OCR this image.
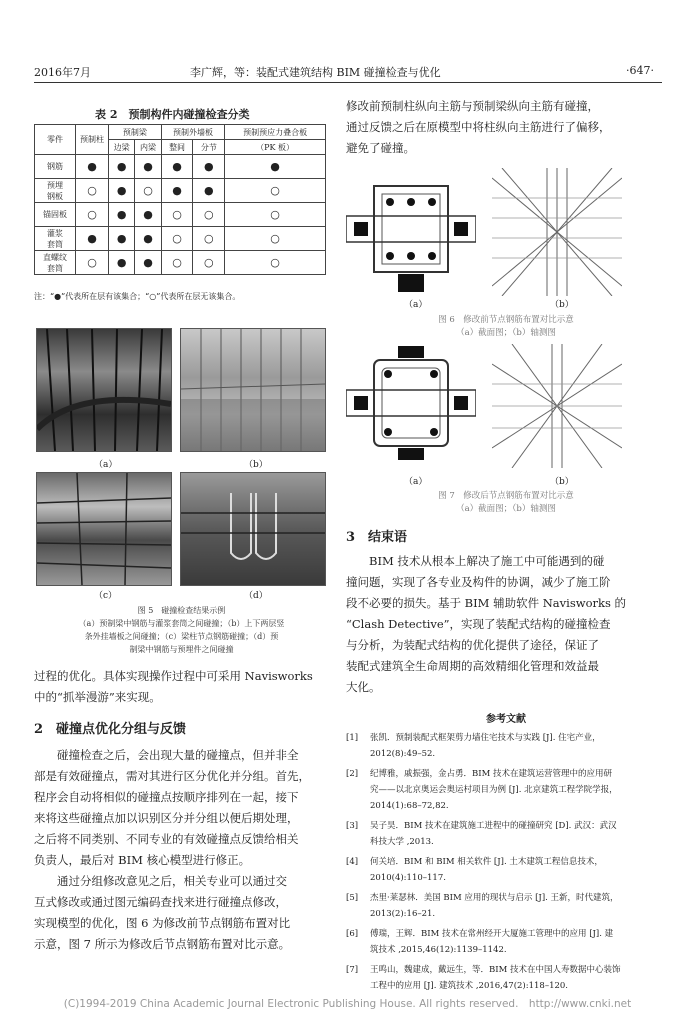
2016年7月	李广辉，等：装配式建筑结构 BIM 碰撞检查与优化	·647·
表 2　预制构件内碰撞检查分类
零件	预制柱	预制梁		预制外墙板		预制预应力叠合板
		边梁	内梁	整间	分节	（PK 板）
钢筋	●	●	●	●	●	●
预埋
钢板	○	●	○	●	●	○
锚固板	○	●	●	○	○	○
灌浆
套筒	●	●	●	○	○	○
直螺纹
套筒	○	●	●	○	○	○
注：“●”代表所在层有该集合；“○”代表所在层无该集合。
（a）	（b）
（c）	（d）
图 5　碰撞检查结果示例
（a）预制梁中钢筋与灌浆套筒之间碰撞；（b）上下两层竖
条外挂墙板之间碰撞；（c）梁柱节点钢筋碰撞；（d）预
制梁中钢筋与预埋件之间碰撞
过程的优化。具体实现操作过程中可采用 Navisworks
中的“抓举漫游”来实现。
2　碰撞点优化分组与反馈
　　碰撞检查之后，会出现大量的碰撞点，但并非全
部是有效碰撞点，需对其进行区分优化并分组。首先，
程序会自动将相似的碰撞点按顺序排列在一起，接下
来将这些碰撞点加以识别区分并分组以便后期处理，
之后将不同类别、不同专业的有效碰撞点反馈给相关
负责人，最后对 BIM 核心模型进行修正。
　　通过分组修改意见之后，相关专业可以通过交
互式修改或通过图元编码查找来进行碰撞点修改，
实现模型的优化，图 6 为修改前节点钢筋布置对比
示意，图 7 所示为修改后节点钢筋布置对比示意。
修改前预制柱纵向主筋与预制梁纵向主筋有碰撞，
通过反馈之后在原模型中将柱纵向主筋进行了偏移，
避免了碰撞。
（a）	（b）
图 6　修改前节点钢筋布置对比示意
（a）截面图；（b）轴测图
（a）	（b）
图 7　修改后节点钢筋布置对比示意
（a）截面图；（b）轴测图
3　结束语
　　BIM 技术从根本上解决了施工中可能遇到的碰
撞问题，实现了各专业及构件的协调，减少了施工阶
段不必要的损失。基于 BIM 辅助软件 Navisworks 的
“Clash Detective”，实现了装配式结构的碰撞检查
与分析，为装配式结构的优化提供了途径，保证了
装配式建筑全生命周期的高效精细化管理和效益最
大化。
参考文献
[1] 张凯．预制装配式框架剪力墙住宅技术与实践 [J]. 住宅产业，
2012(8):49–52.
[2] 纪博雅，戚振强，金占勇．BIM 技术在建筑运营管理中的应用研
究——以北京奥运会奥运村项目为例 [J]. 北京建筑工程学院学报，
2014(1):68–72,82.
[3] 吴子昊．BIM 技术在建筑施工进程中的碰撞研究 [D]. 武汉：武汉
科技大学 ,2013.
[4] 何关培．BIM 和 BIM 相关软件 [J]. 土木建筑工程信息技术，
2010(4):110–117.
[5] 杰里·莱瑟林．美国 BIM 应用的现状与启示 [J]. 王新，时代建筑，
2013(2):16–21.
[6] 傅瑞，王辉．BIM 技术在常州经开大厦施工管理中的应用 [J]. 建
筑技术 ,2015,46(12):1139–1142.
[7] 王鸣山，魏建成，戴远生，等．BIM 技术在中国人寿数据中心装饰
工程中的应用 [J]. 建筑技术 ,2016,47(2):118–120.
(C)1994-2019 China Academic Journal Electronic Publishing House. All rights reserved.　http://www.cnki.net
